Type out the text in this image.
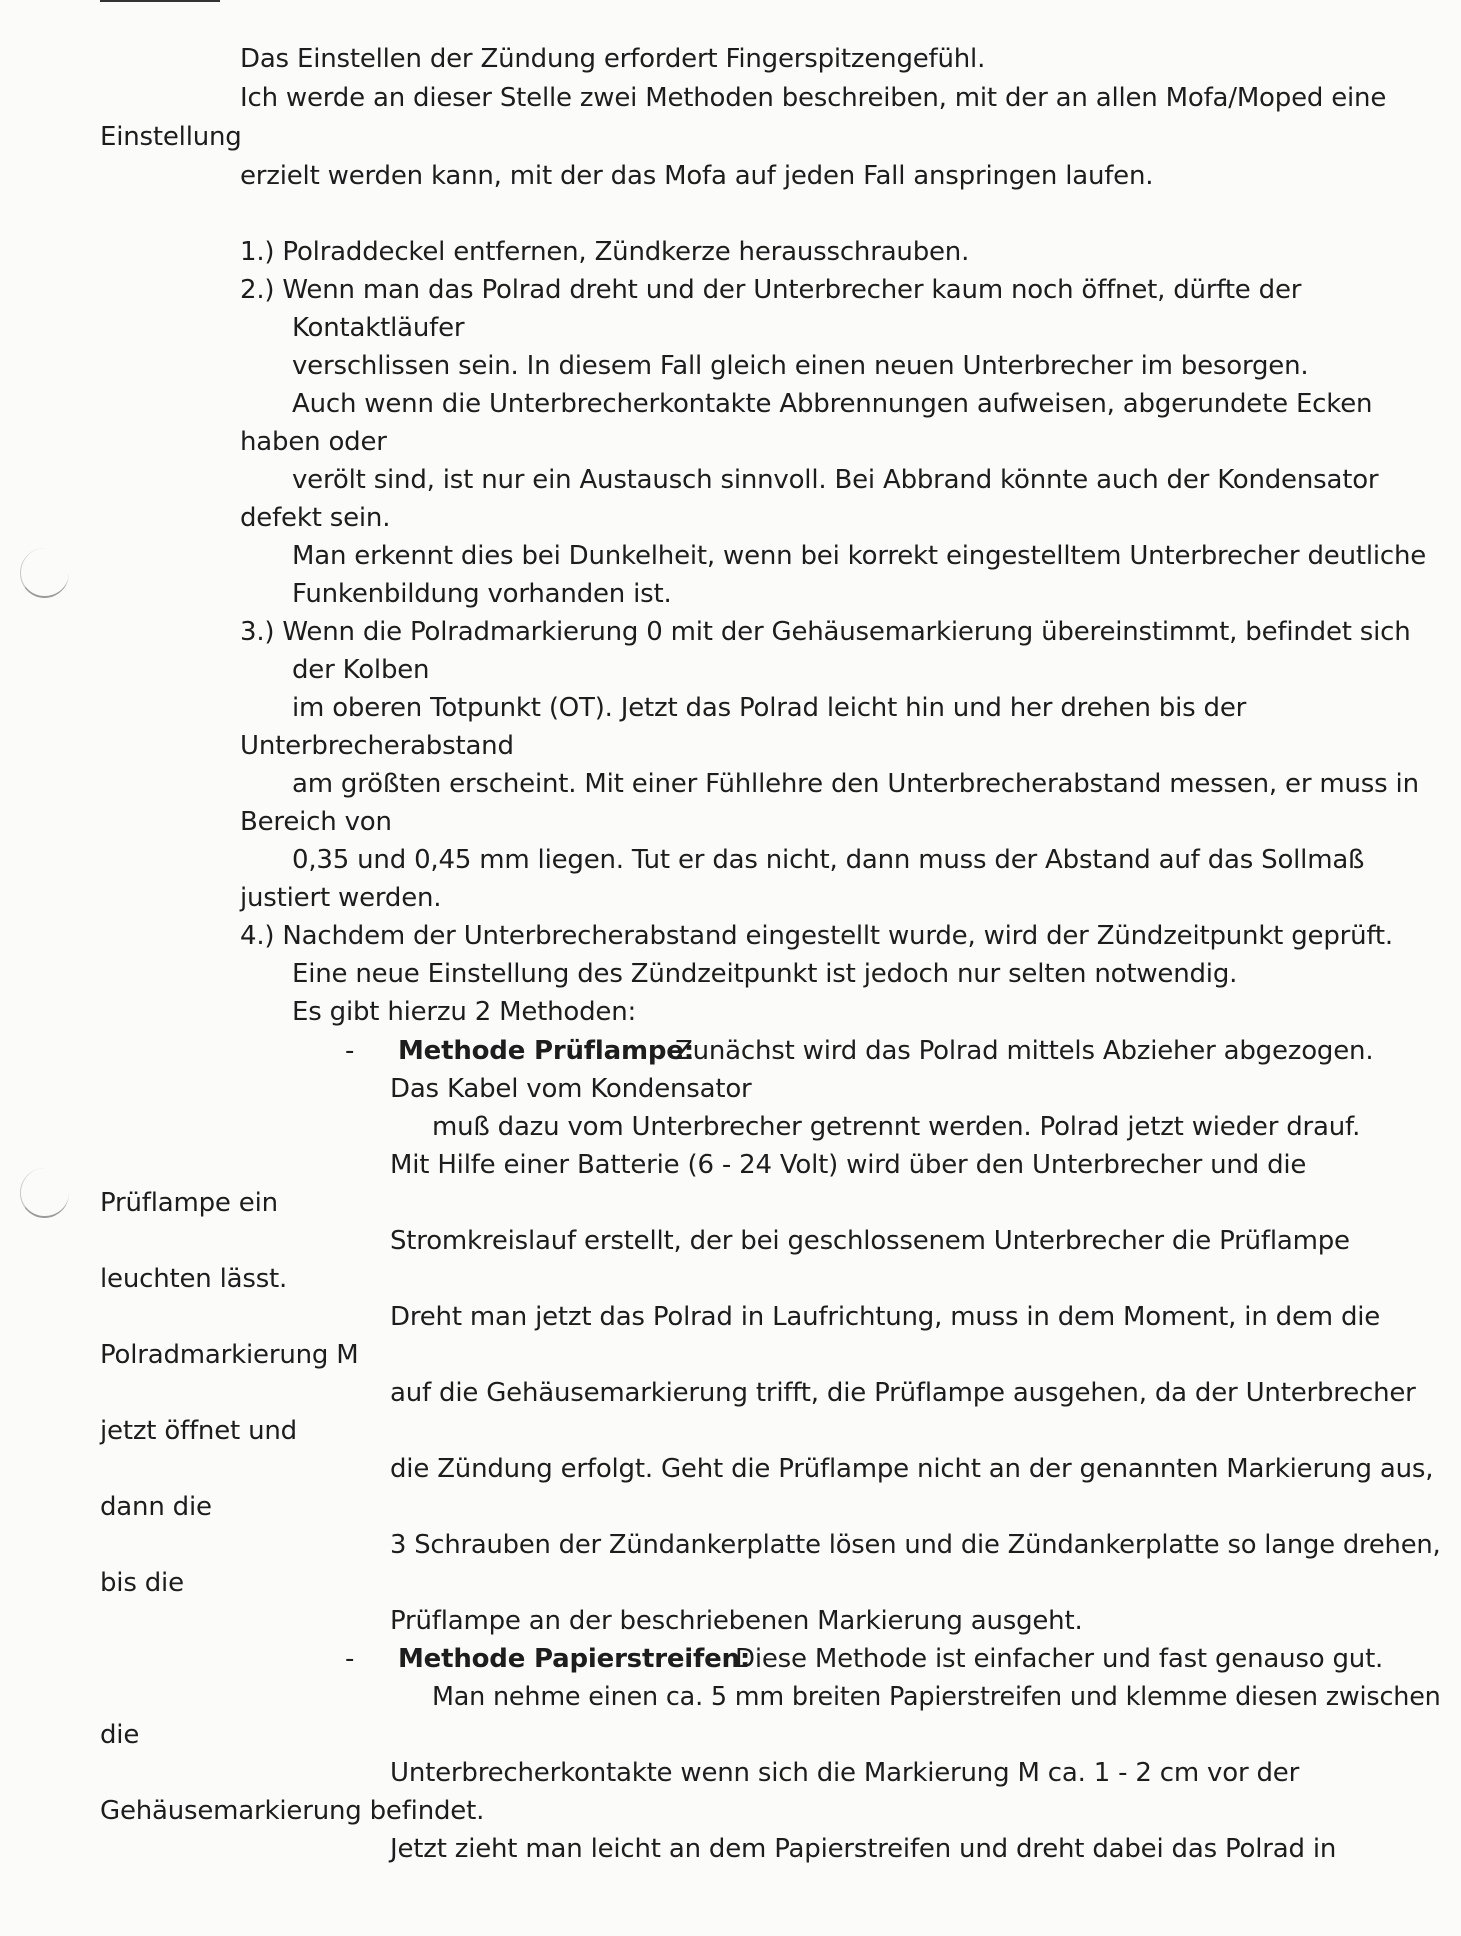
Das Einstellen der Zündung erfordert Fingerspitzengefühl.
Ich werde an dieser Stelle zwei Methoden beschreiben, mit der an allen Mofa/Moped eine
Einstellung
erzielt werden kann, mit der das Mofa auf jeden Fall anspringen laufen.
1.) Polraddeckel entfernen, Zündkerze herausschrauben.
2.) Wenn man das Polrad dreht und der Unterbrecher kaum noch öffnet, dürfte der
Kontaktläufer
verschlissen sein. In diesem Fall gleich einen neuen Unterbrecher im besorgen.
Auch wenn die Unterbrecherkontakte Abbrennungen aufweisen, abgerundete Ecken
haben oder
verölt sind, ist nur ein Austausch sinnvoll. Bei Abbrand könnte auch der Kondensator
defekt sein.
Man erkennt dies bei Dunkelheit, wenn bei korrekt eingestelltem Unterbrecher deutliche
Funkenbildung vorhanden ist.
3.) Wenn die Polradmarkierung 0 mit der Gehäusemarkierung übereinstimmt, befindet sich
der Kolben
im oberen Totpunkt (OT). Jetzt das Polrad leicht hin und her drehen bis der
Unterbrecherabstand
am größten erscheint. Mit einer Fühllehre den Unterbrecherabstand messen, er muss in
Bereich von
0,35 und 0,45 mm liegen. Tut er das nicht, dann muss der Abstand auf das Sollmaß
justiert werden.
4.) Nachdem der Unterbrecherabstand eingestellt wurde, wird der Zündzeitpunkt geprüft.
Eine neue Einstellung des Zündzeitpunkt ist jedoch nur selten notwendig.
Es gibt hierzu 2 Methoden:
- Methode Prüflampe:
Zunächst wird das Polrad mittels Abzieher abgezogen.
Das Kabel vom Kondensator
muß dazu vom Unterbrecher getrennt werden. Polrad jetzt wieder drauf.
Mit Hilfe einer Batterie (6 - 24 Volt) wird über den Unterbrecher und die
Prüflampe ein
Stromkreislauf erstellt, der bei geschlossenem Unterbrecher die Prüflampe
leuchten lässt.
Dreht man jetzt das Polrad in Laufrichtung, muss in dem Moment, in dem die
Polradmarkierung M
auf die Gehäusemarkierung trifft, die Prüflampe ausgehen, da der Unterbrecher
jetzt öffnet und
die Zündung erfolgt. Geht die Prüflampe nicht an der genannten Markierung aus,
dann die
3 Schrauben der Zündankerplatte lösen und die Zündankerplatte so lange drehen,
bis die
Prüflampe an der beschriebenen Markierung ausgeht.
- Methode Papierstreifen:
Diese Methode ist einfacher und fast genauso gut.
Man nehme einen ca. 5 mm breiten Papierstreifen und klemme diesen zwischen
die
Unterbrecherkontakte wenn sich die Markierung M ca. 1 - 2 cm vor der
Gehäusemarkierung befindet.
Jetzt zieht man leicht an dem Papierstreifen und dreht dabei das Polrad in
